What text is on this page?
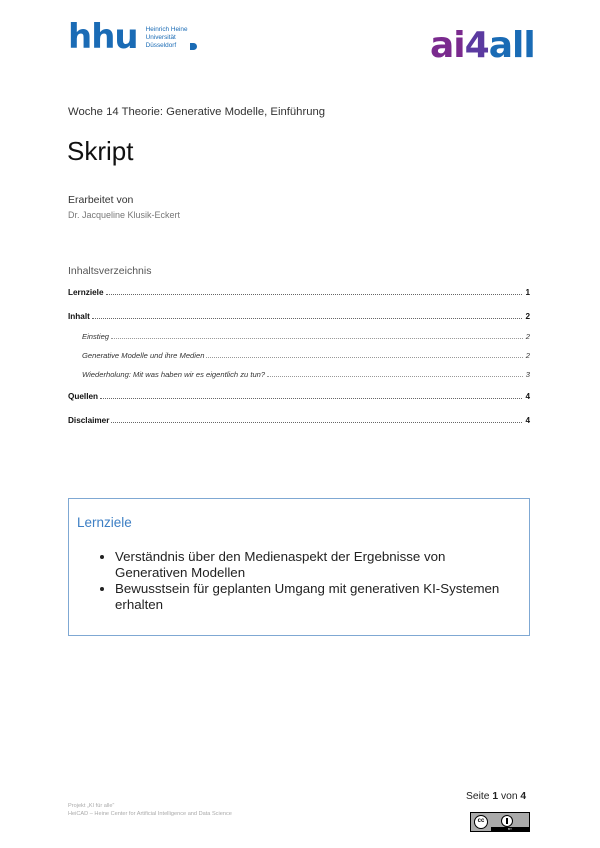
hhu Heinrich Heine
Universität
Düsseldorf	ai 4 all
Woche 14 Theorie: Generative Modelle, Einführung
Skript
Erarbeitet von
Dr. Jacqueline Klusik-Eckert
Inhaltsverzeichnis
Lernziele	1
Inhalt	2
Einstieg	2
Generative Modelle und ihre Medien	2
Wiederholung: Mit was haben wir es eigentlich zu tun?	3
Quellen	4
Disclaimer	4
Lernziele
• Verständnis über den Medienaspekt der Ergebnisse von Generativen Modellen
• Bewusstsein für geplanten Umgang mit generativen KI-Systemen erhalten
Projekt „KI für alle“
HeiCAD – Heine Center for Artificial Intelligence and Data Science
Seite 1 von 4
cc
BY
